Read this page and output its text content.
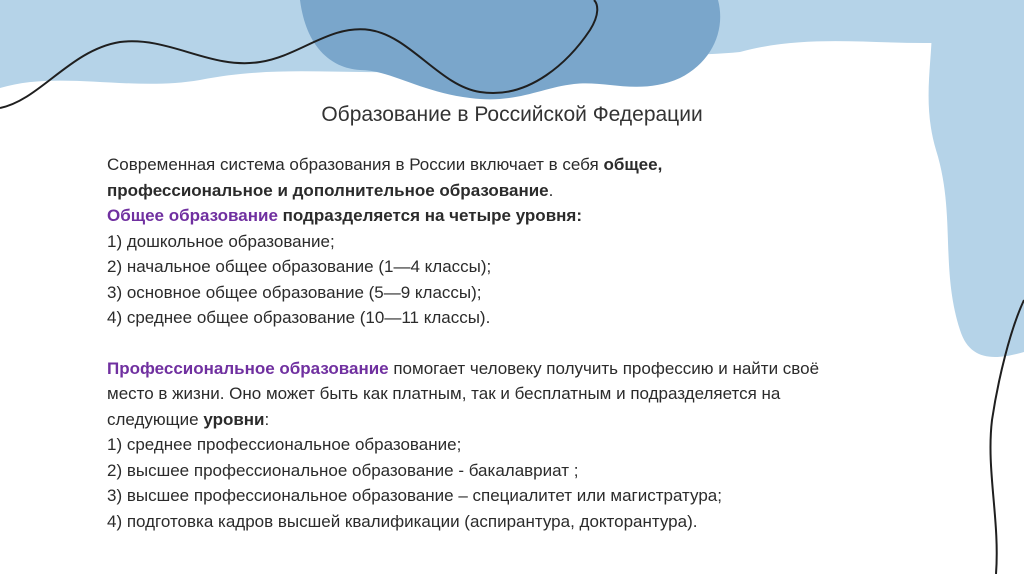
Образование в Российской Федерации
Современная система образования в России включает в себя общее,
профессиональное и дополнительное образование.
Общее образование подразделяется на четыре уровня:
1) дошкольное образование;
2) начальное общее образование (1—4 классы);
3) основное общее образование (5—9 классы);
4) среднее общее образование (10—11 классы).
Профессиональное образование помогает человеку получить профессию и найти своё
место в жизни. Оно может быть как платным, так и бесплатным и подразделяется на
следующие уровни:
1) среднее профессиональное образование;
2) высшее профессиональное образование - бакалавриат ;
3) высшее профессиональное образование – специалитет или магистратура;
4) подготовка кадров высшей квалификации (аспирантура, докторантура).
